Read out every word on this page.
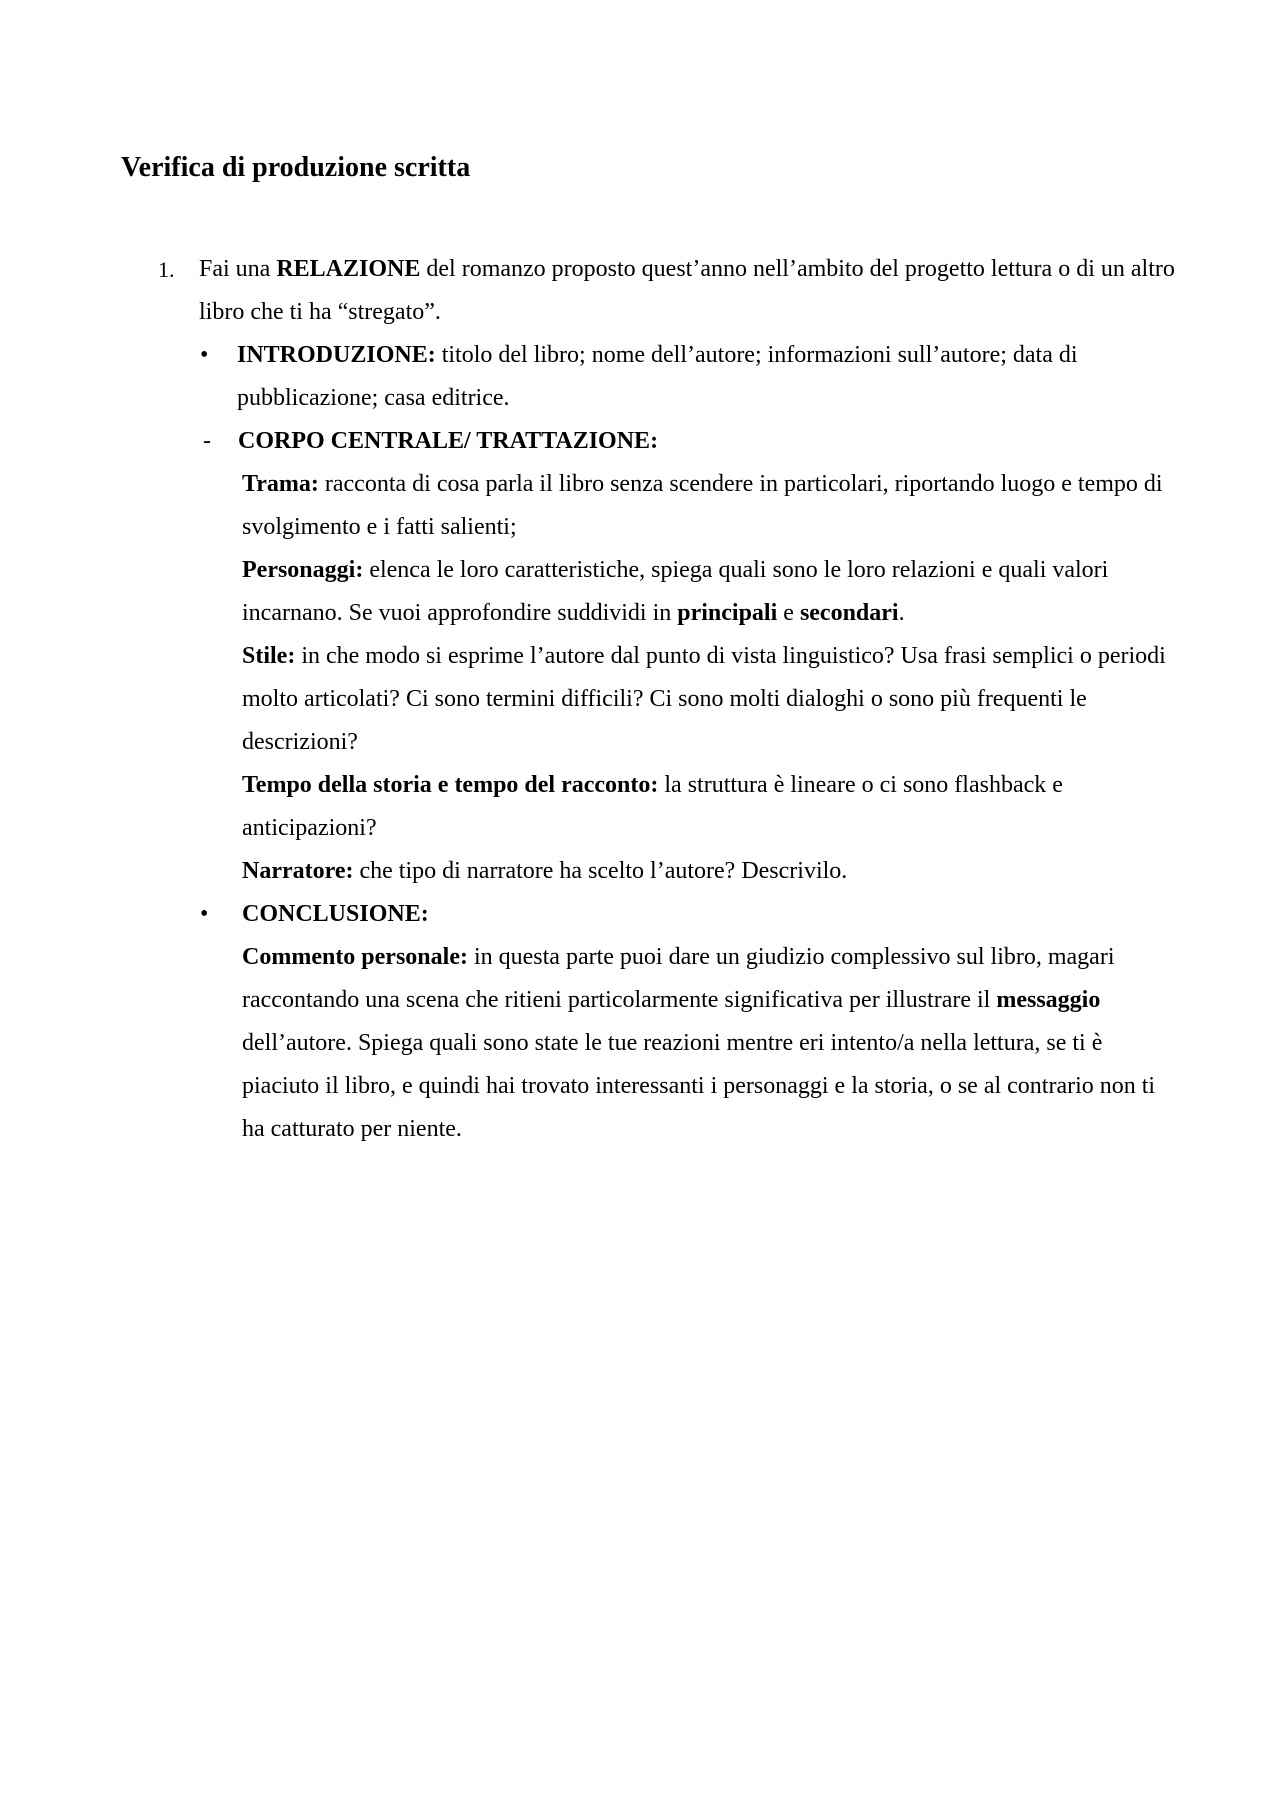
Verifica di produzione scritta
1. Fai una RELAZIONE del romanzo proposto quest’anno nell’ambito del progetto lettura o di un altro libro che ti ha “stregato”.
• INTRODUZIONE: titolo del libro; nome dell’autore; informazioni sull’autore; data di pubblicazione; casa editrice.
- CORPO CENTRALE/ TRATTAZIONE:
Trama: racconta di cosa parla il libro senza scendere in particolari, riportando luogo e tempo di svolgimento e i fatti salienti;
Personaggi: elenca le loro caratteristiche, spiega quali sono le loro relazioni e quali valori incarnano. Se vuoi approfondire suddividi in principali e secondari.
Stile: in che modo si esprime l’autore dal punto di vista linguistico? Usa frasi semplici o periodi molto articolati? Ci sono termini difficili? Ci sono molti dialoghi o sono più frequenti le descrizioni?
Tempo della storia e tempo del racconto: la struttura è lineare o ci sono flashback e anticipazioni?
Narratore: che tipo di narratore ha scelto l’autore? Descrivilo.
• CONCLUSIONE:
Commento personale: in questa parte puoi dare un giudizio complessivo sul libro, magari raccontando una scena che ritieni particolarmente significativa per illustrare il messaggio dell’autore. Spiega quali sono state le tue reazioni mentre eri intento/a nella lettura, se ti è piaciuto il libro, e quindi hai trovato interessanti i personaggi e la storia, o se al contrario non ti ha catturato per niente.
